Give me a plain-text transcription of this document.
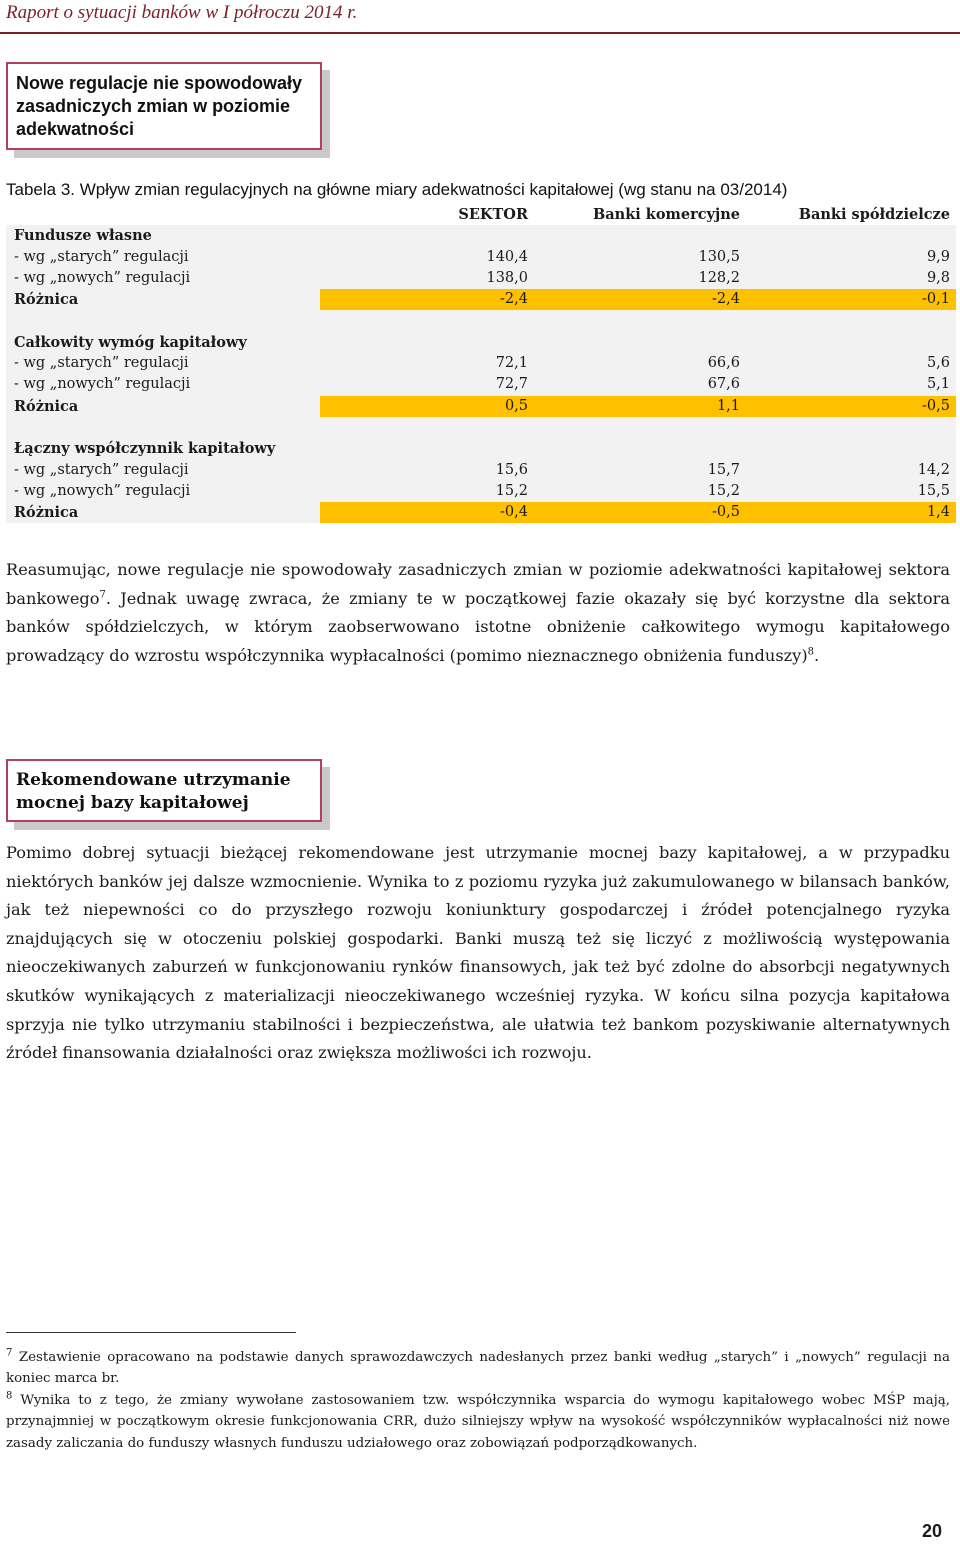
Raport o sytuacji banków w I półroczu 2014 r.
Nowe regulacje nie spowodowały zasadniczych zmian w poziomie adekwatności
Tabela 3. Wpływ zmian regulacyjnych na główne miary adekwatności kapitałowej (wg stanu na 03/2014)
SEKTOR	Banki komercyjne	Banki spółdzielcze
Fundusze własne
- wg „starych” regulacji	140,4	130,5	9,9
- wg „nowych” regulacji	138,0	128,2	9,8
Różnica	-2,4	-2,4	-0,1
Całkowity wymóg kapitałowy
- wg „starych” regulacji	72,1	66,6	5,6
- wg „nowych” regulacji	72,7	67,6	5,1
Różnica	0,5	1,1	-0,5
Łączny współczynnik kapitałowy
- wg „starych” regulacji	15,6	15,7	14,2
- wg „nowych” regulacji	15,2	15,2	15,5
Różnica	-0,4	-0,5	1,4
Reasumując, nowe regulacje nie spowodowały zasadniczych zmian w poziomie adekwatności kapitałowej sektora bankowego$^7$. Jednak uwagę zwraca, że zmiany te w początkowej fazie okazały się być korzystne dla sektora banków spółdzielczych, w którym zaobserwowano istotne obniżenie całkowitego wymogu kapitałowego prowadzący do wzrostu współczynnika wypłacalności (pomimo nieznacznego obniżenia funduszy)$^8$.
Rekomendowane utrzymanie mocnej bazy kapitałowej
Pomimo dobrej sytuacji bieżącej rekomendowane jest utrzymanie mocnej bazy kapitałowej, a w przypadku niektórych banków jej dalsze wzmocnienie. Wynika to z poziomu ryzyka już zakumulowanego w bilansach banków, jak też niepewności co do przyszłego rozwoju koniunktury gospodarczej i źródeł potencjalnego ryzyka znajdujących się w otoczeniu polskiej gospodarki. Banki muszą też się liczyć z możliwością występowania nieoczekiwanych zaburzeń w funkcjonowaniu rynków finansowych, jak też być zdolne do absorbcji negatywnych skutków wynikających z materializacji nieoczekiwanego wcześniej ryzyka. W końcu silna pozycja kapitałowa sprzyja nie tylko utrzymaniu stabilności i bezpieczeństwa, ale ułatwia też bankom pozyskiwanie alternatywnych źródeł finansowania działalności oraz zwiększa możliwości ich rozwoju.
$^7$ Zestawienie opracowano na podstawie danych sprawozdawczych nadesłanych przez banki według „starych” i „nowych” regulacji na koniec marca br.
$^8$ Wynika to z tego, że zmiany wywołane zastosowaniem tzw. współczynnika wsparcia do wymogu kapitałowego wobec MŚP mają, przynajmniej w początkowym okresie funkcjonowania CRR, dużo silniejszy wpływ na wysokość współczynników wypłacalności niż nowe zasady zaliczania do funduszy własnych funduszu udziałowego oraz zobowiązań podporządkowanych.
20
